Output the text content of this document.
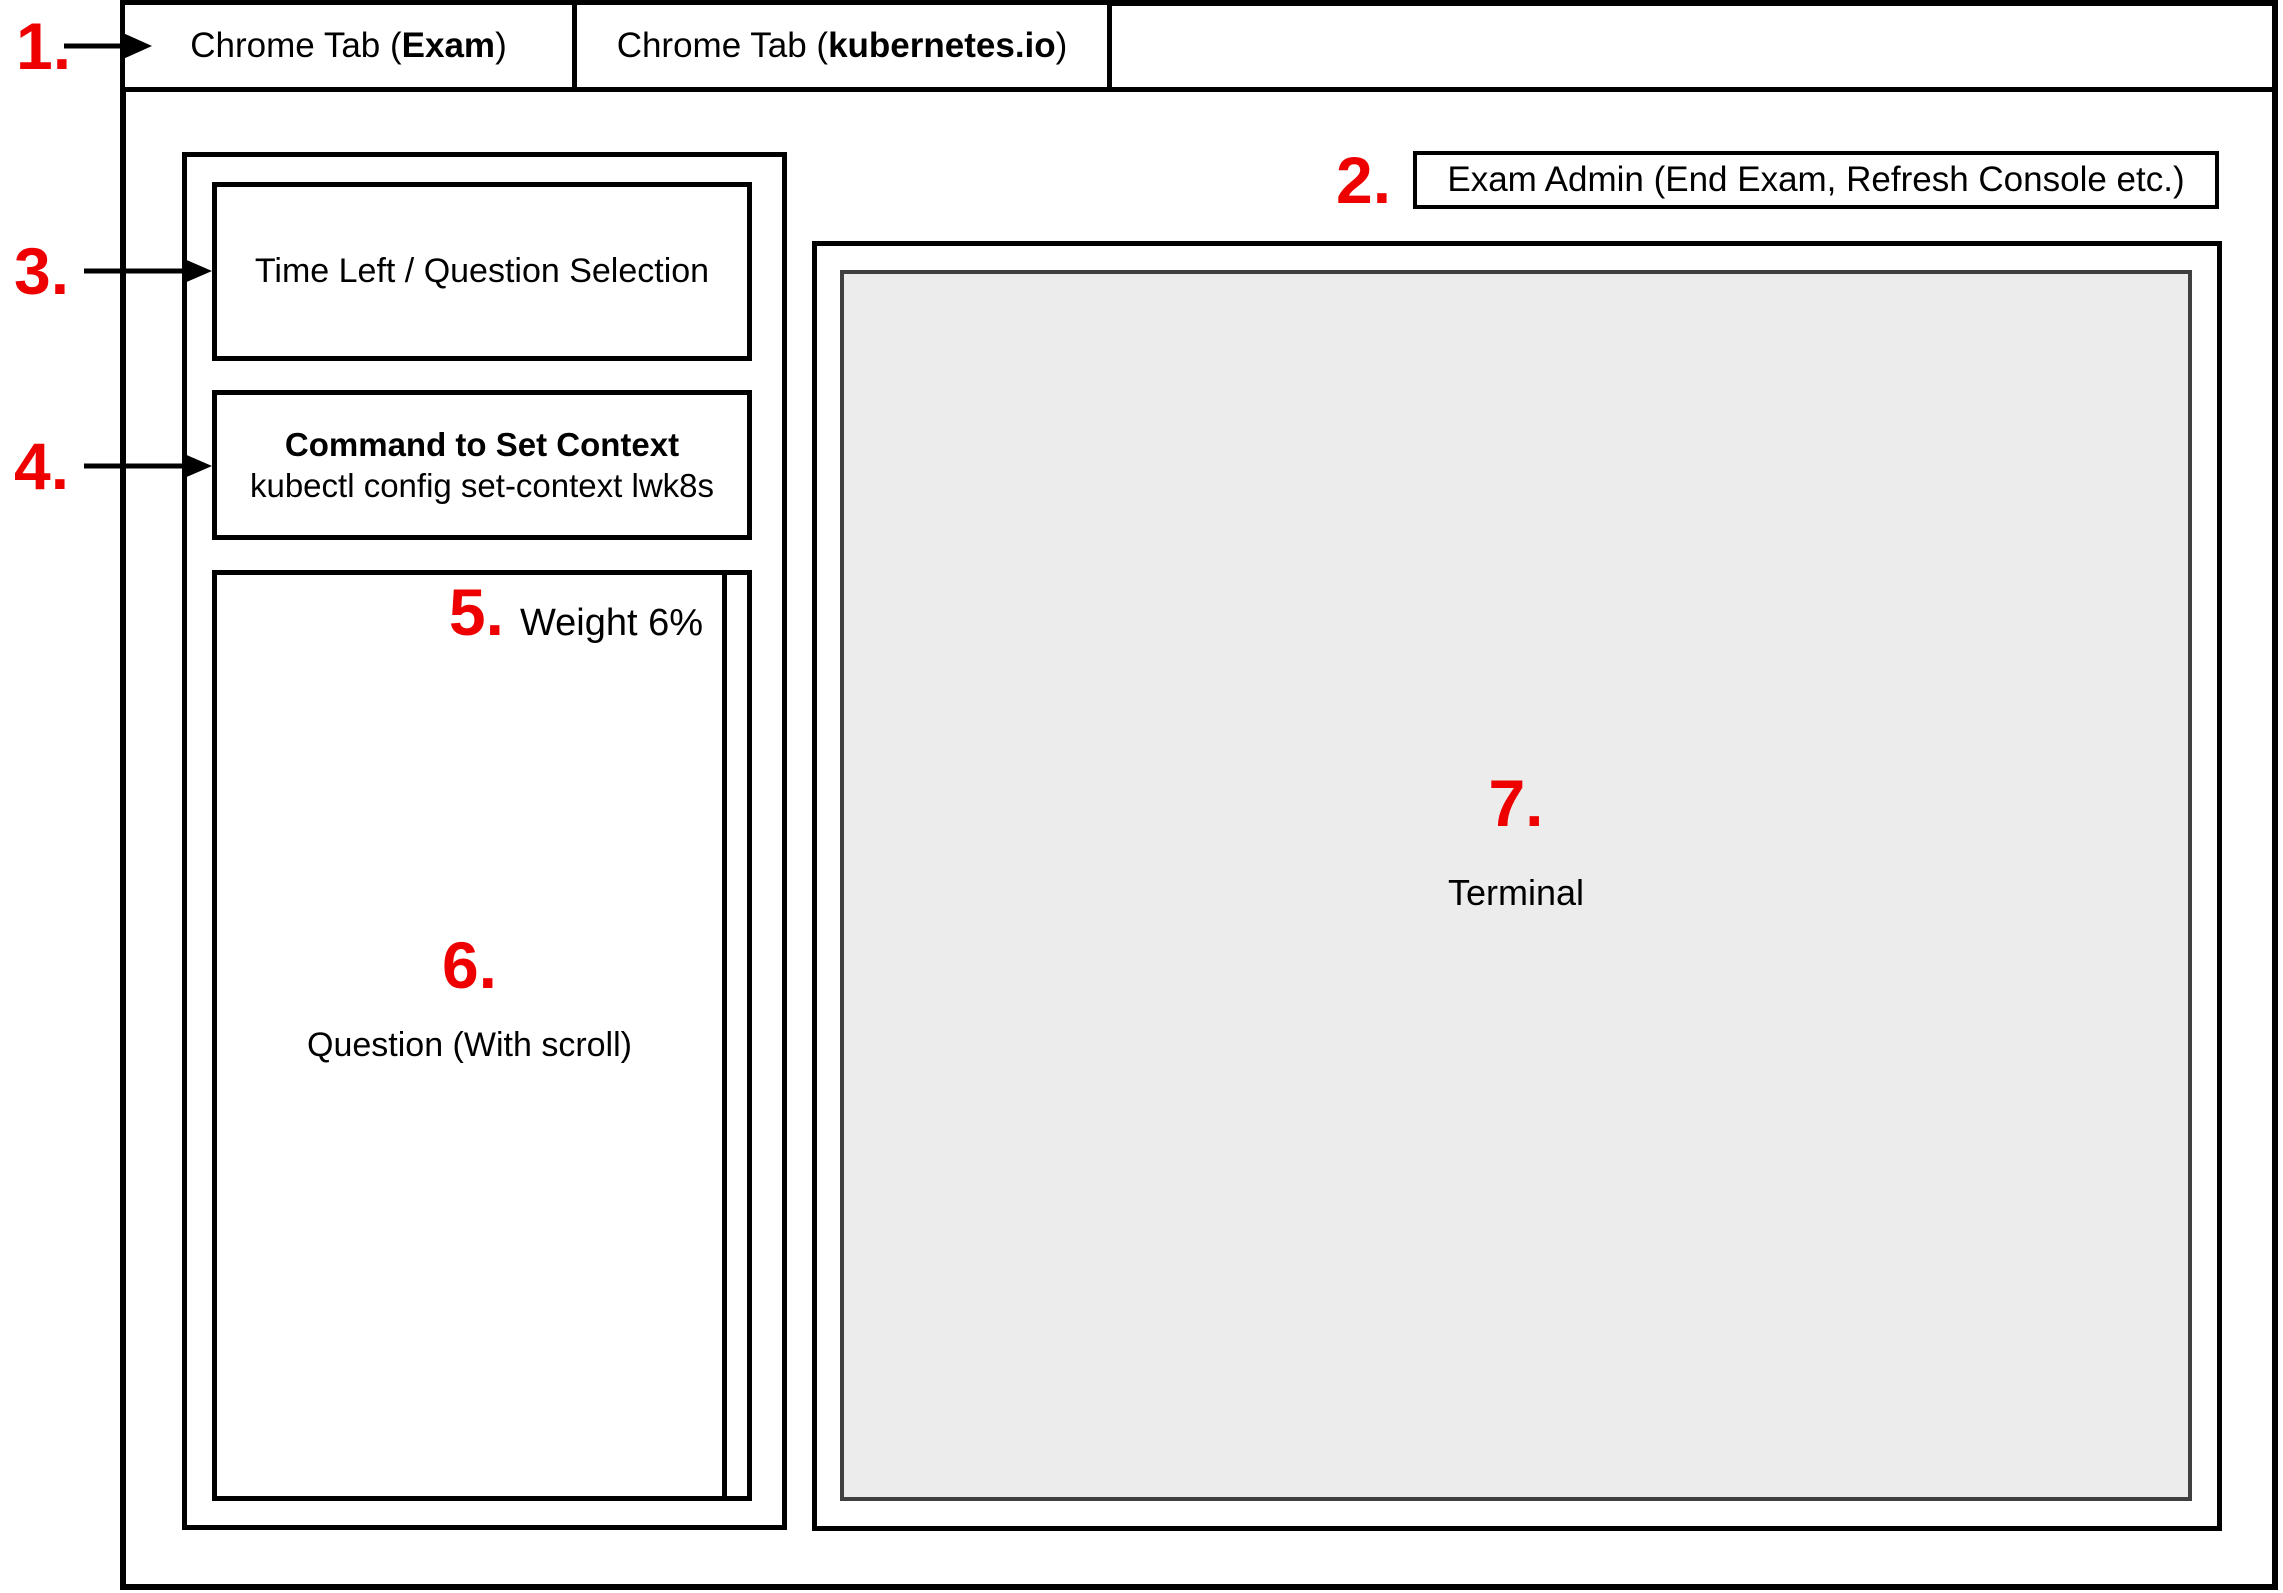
Chrome Tab (Exam)	Chrome Tab (kubernetes.io)
1.
2. Exam Admin (End Exam, Refresh Console etc.)
3.	Time Left / Question Selection
4.	Command to Set Context
kubectl config set-context lwk8s
5. Weight 6%
6.
Question (With scroll)
7.
Terminal
